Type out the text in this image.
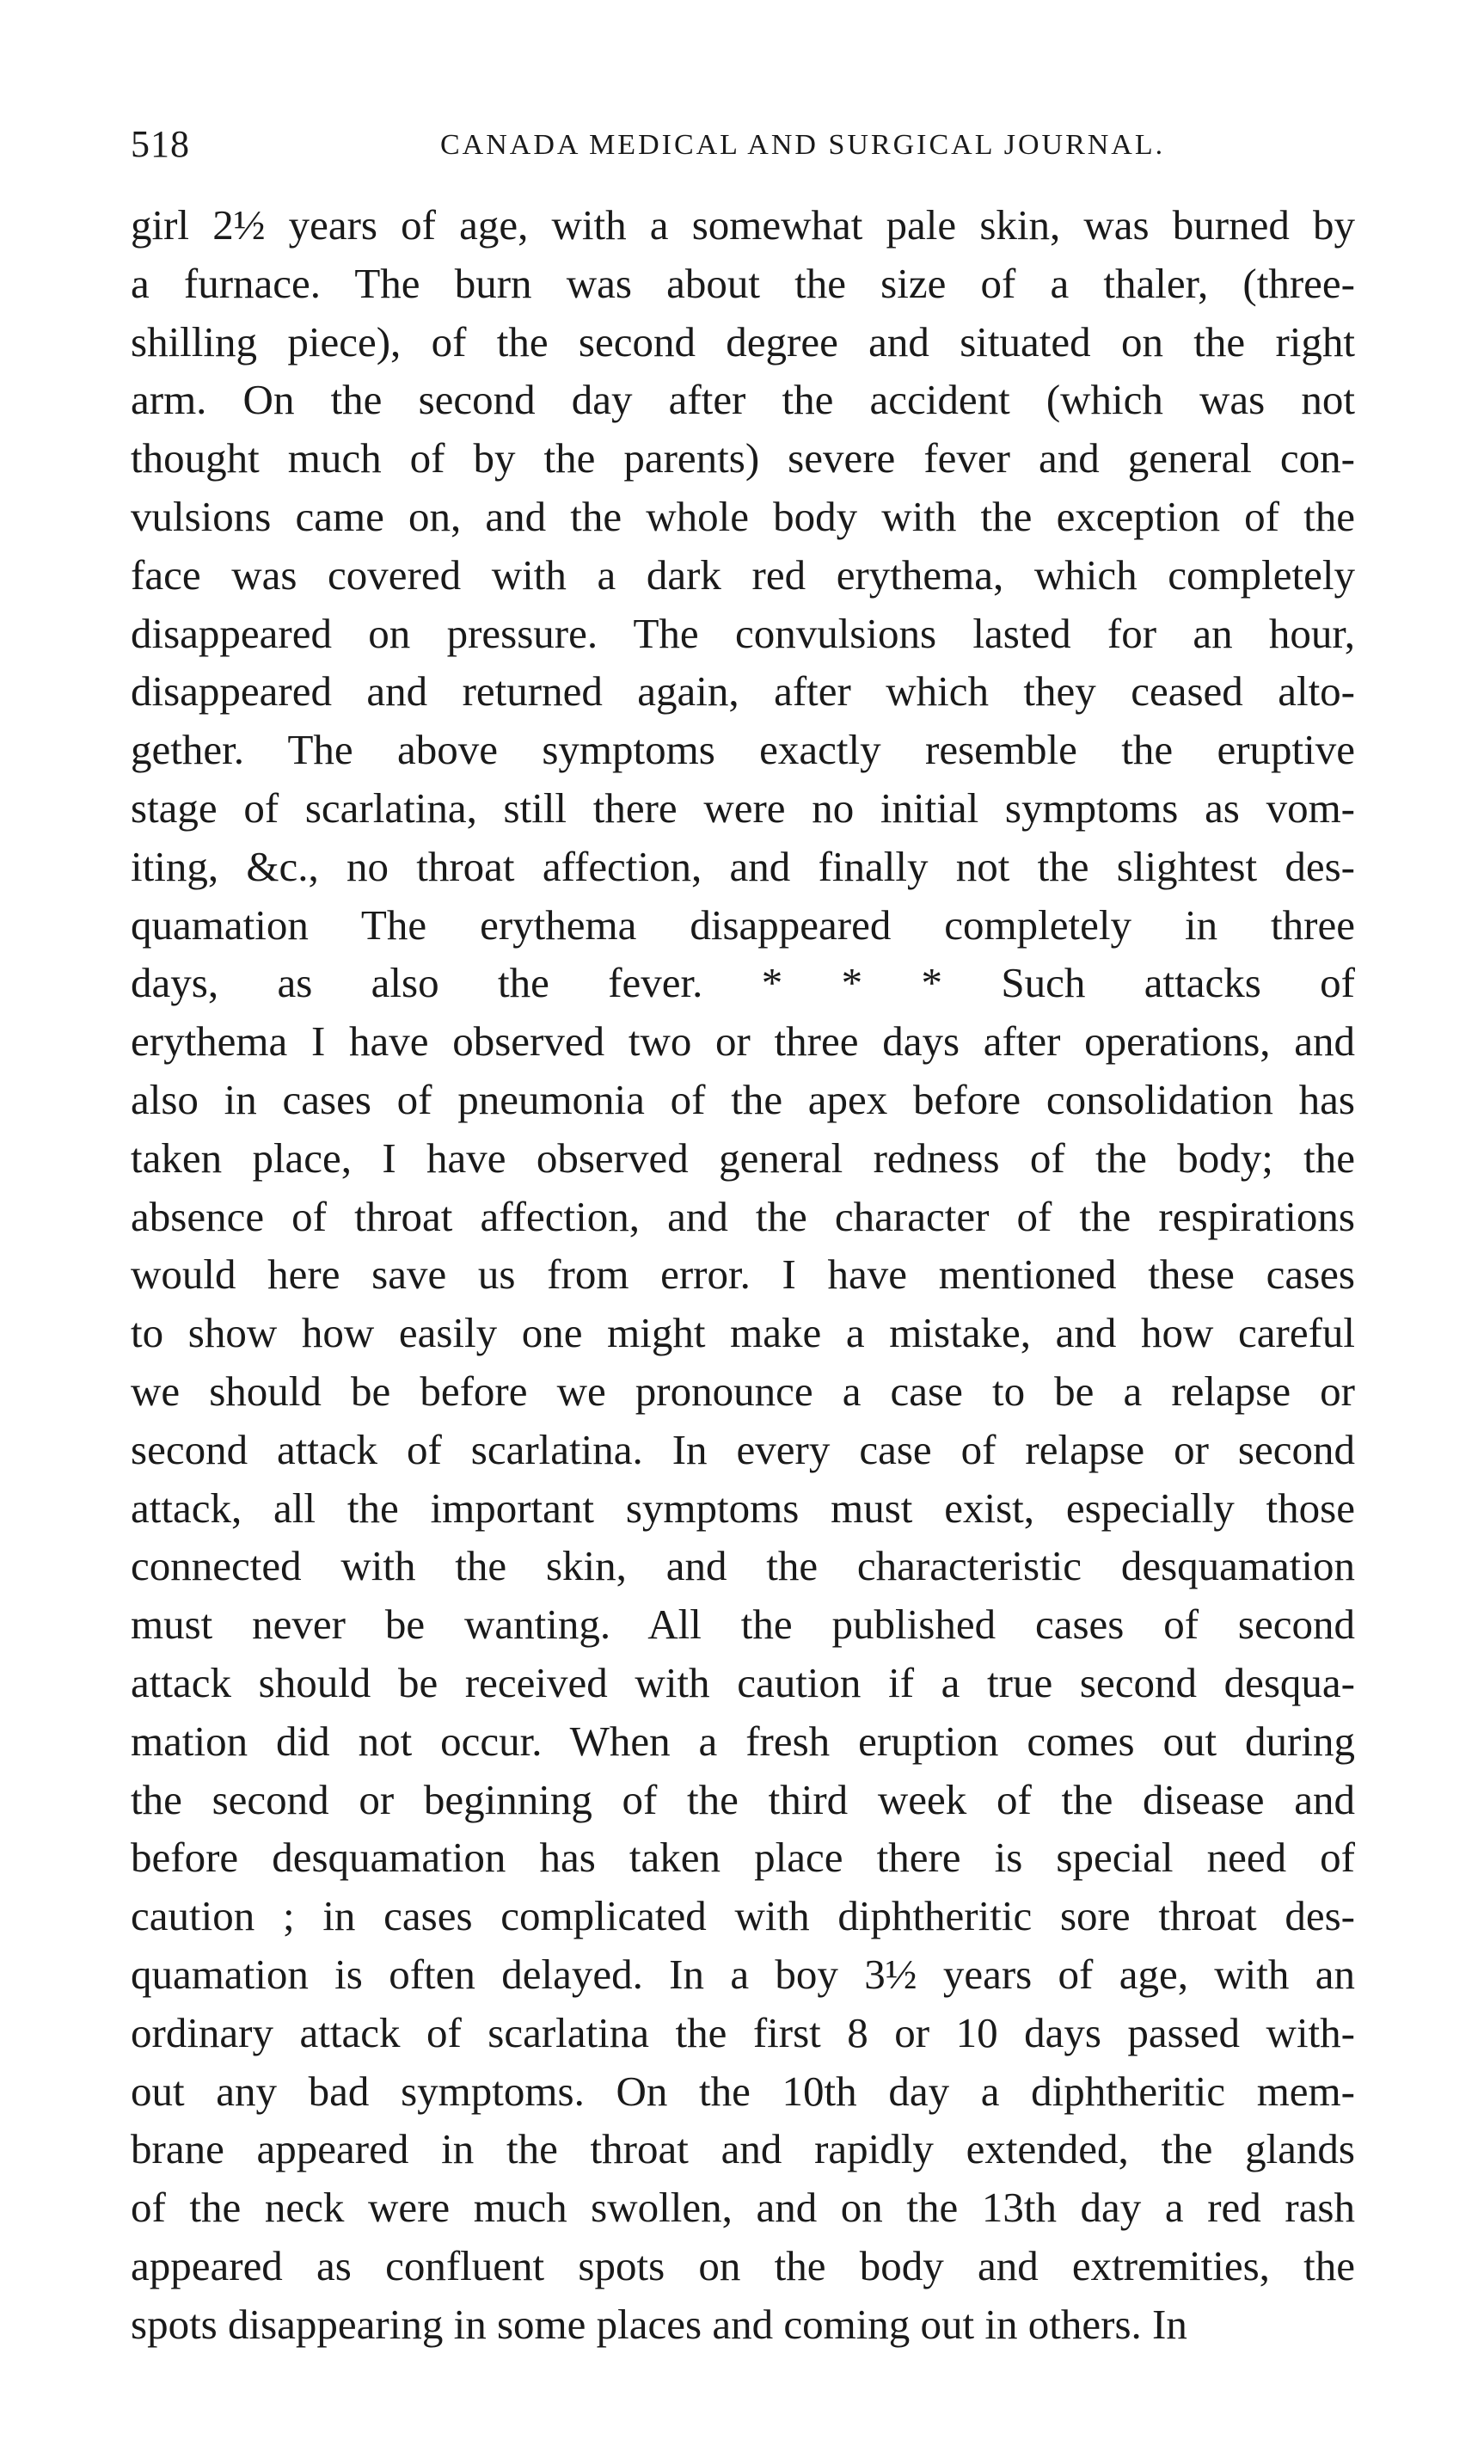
518	CANADA MEDICAL AND SURGICAL JOURNAL.
girl 2½ years of age, with a somewhat pale skin, was burned by
a furnace. The burn was about the size of a thaler, (three-
shilling piece), of the second degree and situated on the right
arm. On the second day after the accident (which was not
thought much of by the parents) severe fever and general con-
vulsions came on, and the whole body with the exception of the
face was covered with a dark red erythema, which completely
disappeared on pressure. The convulsions lasted for an hour,
disappeared and returned again, after which they ceased alto-
gether. The above symptoms exactly resemble the eruptive
stage of scarlatina, still there were no initial symptoms as vom-
iting, &c., no throat affection, and finally not the slightest des-
quamation The erythema disappeared completely in three
days, as also the fever. * * * Such attacks of
erythema I have observed two or three days after operations, and
also in cases of pneumonia of the apex before consolidation has
taken place, I have observed general redness of the body; the
absence of throat affection, and the character of the respirations
would here save us from error. I have mentioned these cases
to show how easily one might make a mistake, and how careful
we should be before we pronounce a case to be a relapse or
second attack of scarlatina. In every case of relapse or second
attack, all the important symptoms must exist, especially those
connected with the skin, and the characteristic desquamation
must never be wanting. All the published cases of second
attack should be received with caution if a true second desqua-
mation did not occur. When a fresh eruption comes out during
the second or beginning of the third week of the disease and
before desquamation has taken place there is special need of
caution ; in cases complicated with diphtheritic sore throat des-
quamation is often delayed. In a boy 3½ years of age, with an
ordinary attack of scarlatina the first 8 or 10 days passed with-
out any bad symptoms. On the 10th day a diphtheritic mem-
brane appeared in the throat and rapidly extended, the glands
of the neck were much swollen, and on the 13th day a red rash
appeared as confluent spots on the body and extremities, the
spots disappearing in some places and coming out in others. In
